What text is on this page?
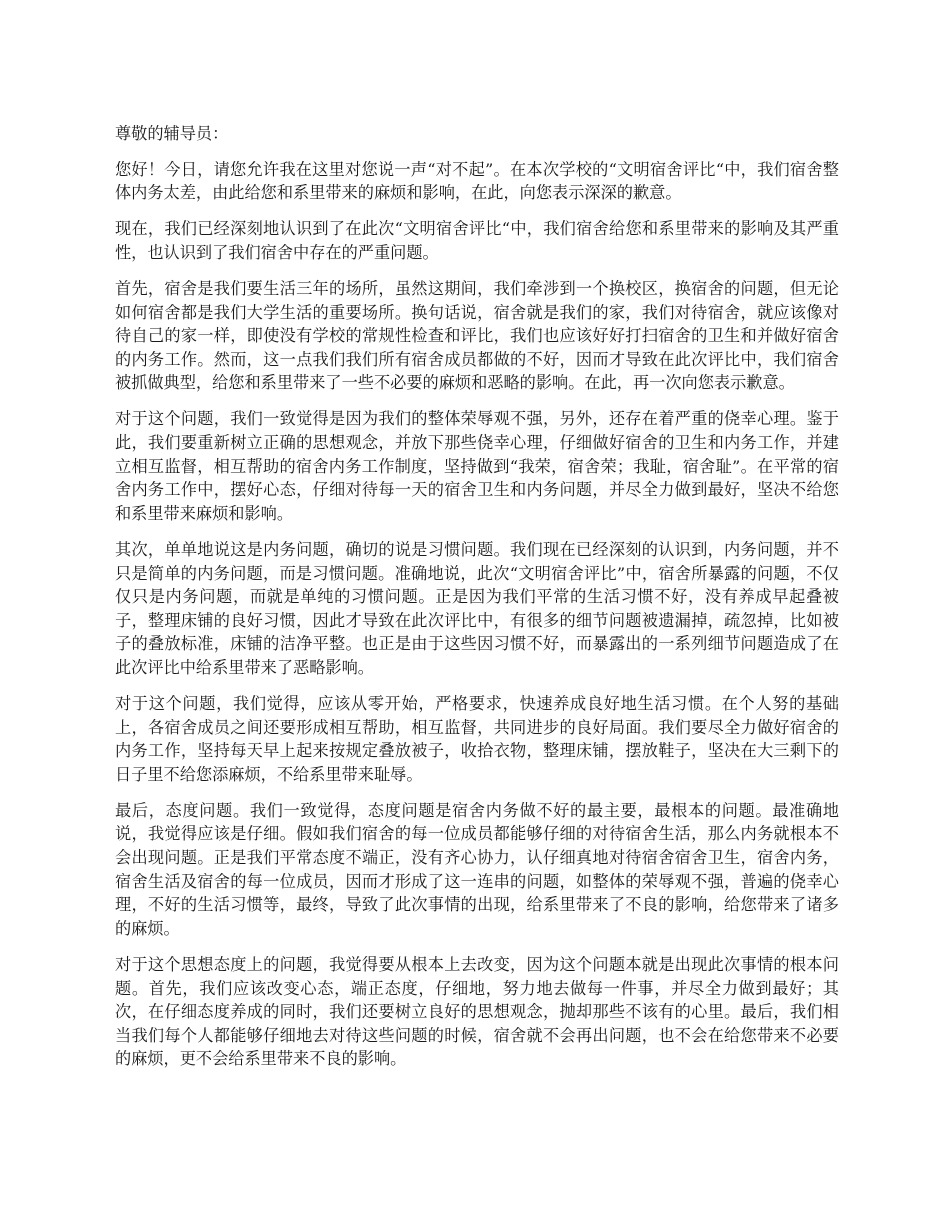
尊敬的辅导员：

您好！今日，请您允许我在这里对您说一声“对不起”。在本次学校的“文明宿舍评比“中，我们宿舍整体内务太差，由此给您和系里带来的麻烦和影响，在此，向您表示深深的歉意。

现在，我们已经深刻地认识到了在此次“文明宿舍评比“中，我们宿舍给您和系里带来的影响及其严重性，也认识到了我们宿舍中存在的严重问题。

首先，宿舍是我们要生活三年的场所，虽然这期间，我们牵涉到一个换校区，换宿舍的问题，但无论如何宿舍都是我们大学生活的重要场所。换句话说，宿舍就是我们的家，我们对待宿舍，就应该像对待自己的家一样，即使没有学校的常规性检查和评比，我们也应该好好打扫宿舍的卫生和并做好宿舍的内务工作。然而，这一点我们我们所有宿舍成员都做的不好，因而才导致在此次评比中，我们宿舍被抓做典型，给您和系里带来了一些不必要的麻烦和恶略的影响。在此，再一次向您表示歉意。

对于这个问题，我们一致觉得是因为我们的整体荣辱观不强，另外，还存在着严重的侥幸心理。鉴于此，我们要重新树立正确的思想观念，并放下那些侥幸心理，仔细做好宿舍的卫生和内务工作，并建立相互监督，相互帮助的宿舍内务工作制度，坚持做到“我荣，宿舍荣；我耻，宿舍耻”。在平常的宿舍内务工作中，摆好心态，仔细对待每一天的宿舍卫生和内务问题，并尽全力做到最好，坚决不给您和系里带来麻烦和影响。

其次，单单地说这是内务问题，确切的说是习惯问题。我们现在已经深刻的认识到，内务问题，并不只是简单的内务问题，而是习惯问题。准确地说，此次“文明宿舍评比”中，宿舍所暴露的问题，不仅仅只是内务问题，而就是单纯的习惯问题。正是因为我们平常的生活习惯不好，没有养成早起叠被子，整理床铺的良好习惯，因此才导致在此次评比中，有很多的细节问题被遗漏掉，疏忽掉，比如被子的叠放标准，床铺的洁净平整。也正是由于这些因习惯不好，而暴露出的一系列细节问题造成了在此次评比中给系里带来了恶略影响。

对于这个问题，我们觉得，应该从零开始，严格要求，快速养成良好地生活习惯。在个人努的基础上，各宿舍成员之间还要形成相互帮助，相互监督，共同进步的良好局面。我们要尽全力做好宿舍的内务工作，坚持每天早上起来按规定叠放被子，收拾衣物，整理床铺，摆放鞋子，坚决在大三剩下的日子里不给您添麻烦，不给系里带来耻辱。

最后，态度问题。我们一致觉得，态度问题是宿舍内务做不好的最主要，最根本的问题。最准确地说，我觉得应该是仔细。假如我们宿舍的每一位成员都能够仔细的对待宿舍生活，那么内务就根本不会出现问题。正是我们平常态度不端正，没有齐心协力，认仔细真地对待宿舍宿舍卫生，宿舍内务，宿舍生活及宿舍的每一位成员，因而才形成了这一连串的问题，如整体的荣辱观不强，普遍的侥幸心理，不好的生活习惯等，最终，导致了此次事情的出现，给系里带来了不良的影响，给您带来了诸多的麻烦。

对于这个思想态度上的问题，我觉得要从根本上去改变，因为这个问题本就是出现此次事情的根本问题。首先，我们应该改变心态，端正态度，仔细地，努力地去做每一件事，并尽全力做到最好；其次，在仔细态度养成的同时，我们还要树立良好的思想观念，抛却那些不该有的心里。最后，我们相当我们每个人都能够仔细地去对待这些问题的时候，宿舍就不会再出问题，也不会在给您带来不必要的麻烦，更不会给系里带来不良的影响。
